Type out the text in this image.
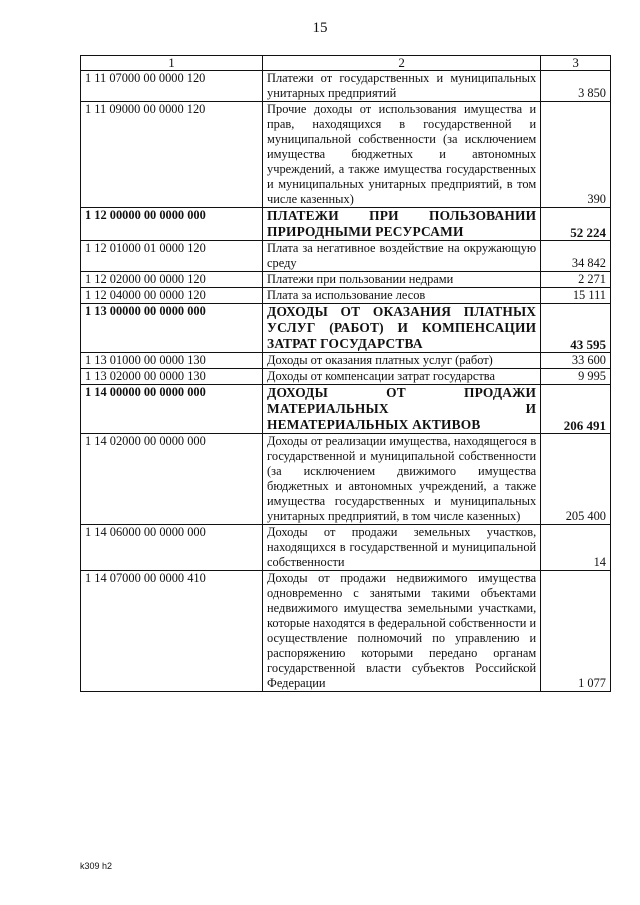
15
1	2	3
1 11 07000 00 0000 120	Платежи от государственных и муниципальных унитарных предприятий	3 850
1 11 09000 00 0000 120	Прочие доходы от использования имущества и прав, находящихся в государственной и муниципальной собственности (за исключением имущества бюджетных и автономных учреждений, а также имущества государственных и муниципальных унитарных предприятий, в том числе казенных)	390
1 12 00000 00 0000 000	ПЛАТЕЖИ ПРИ ПОЛЬЗОВАНИИ ПРИРОДНЫМИ РЕСУРСАМИ	52 224
1 12 01000 01 0000 120	Плата за негативное воздействие на окружающую среду	34 842
1 12 02000 00 0000 120	Платежи при пользовании недрами	2 271
1 12 04000 00 0000 120	Плата за использование лесов	15 111
1 13 00000 00 0000 000	ДОХОДЫ ОТ ОКАЗАНИЯ ПЛАТНЫХ УСЛУГ (РАБОТ) И КОМПЕНСАЦИИ ЗАТРАТ ГОСУДАРСТВА	43 595
1 13 01000 00 0000 130	Доходы от оказания платных услуг (работ)	33 600
1 13 02000 00 0000 130	Доходы от компенсации затрат государства	9 995
1 14 00000 00 0000 000	ДОХОДЫ ОТ ПРОДАЖИ МАТЕРИАЛЬНЫХ И НЕМАТЕРИАЛЬНЫХ АКТИВОВ	206 491
1 14 02000 00 0000 000	Доходы от реализации имущества, находящегося в государственной и муниципальной собственности (за исключением движимого имущества бюджетных и автономных учреждений, а также имущества государственных и муниципальных унитарных предприятий, в том числе казенных)	205 400
1 14 06000 00 0000 000	Доходы от продажи земельных участков, находящихся в государственной и муниципальной собственности	14
1 14 07000 00 0000 410	Доходы от продажи недвижимого имущества одновременно с занятыми такими объектами недвижимого имущества земельными участками, которые находятся в федеральной собственности и осуществление полномочий по управлению и распоряжению которыми передано органам государственной власти субъектов Российской Федерации	1 077
k309 h2
